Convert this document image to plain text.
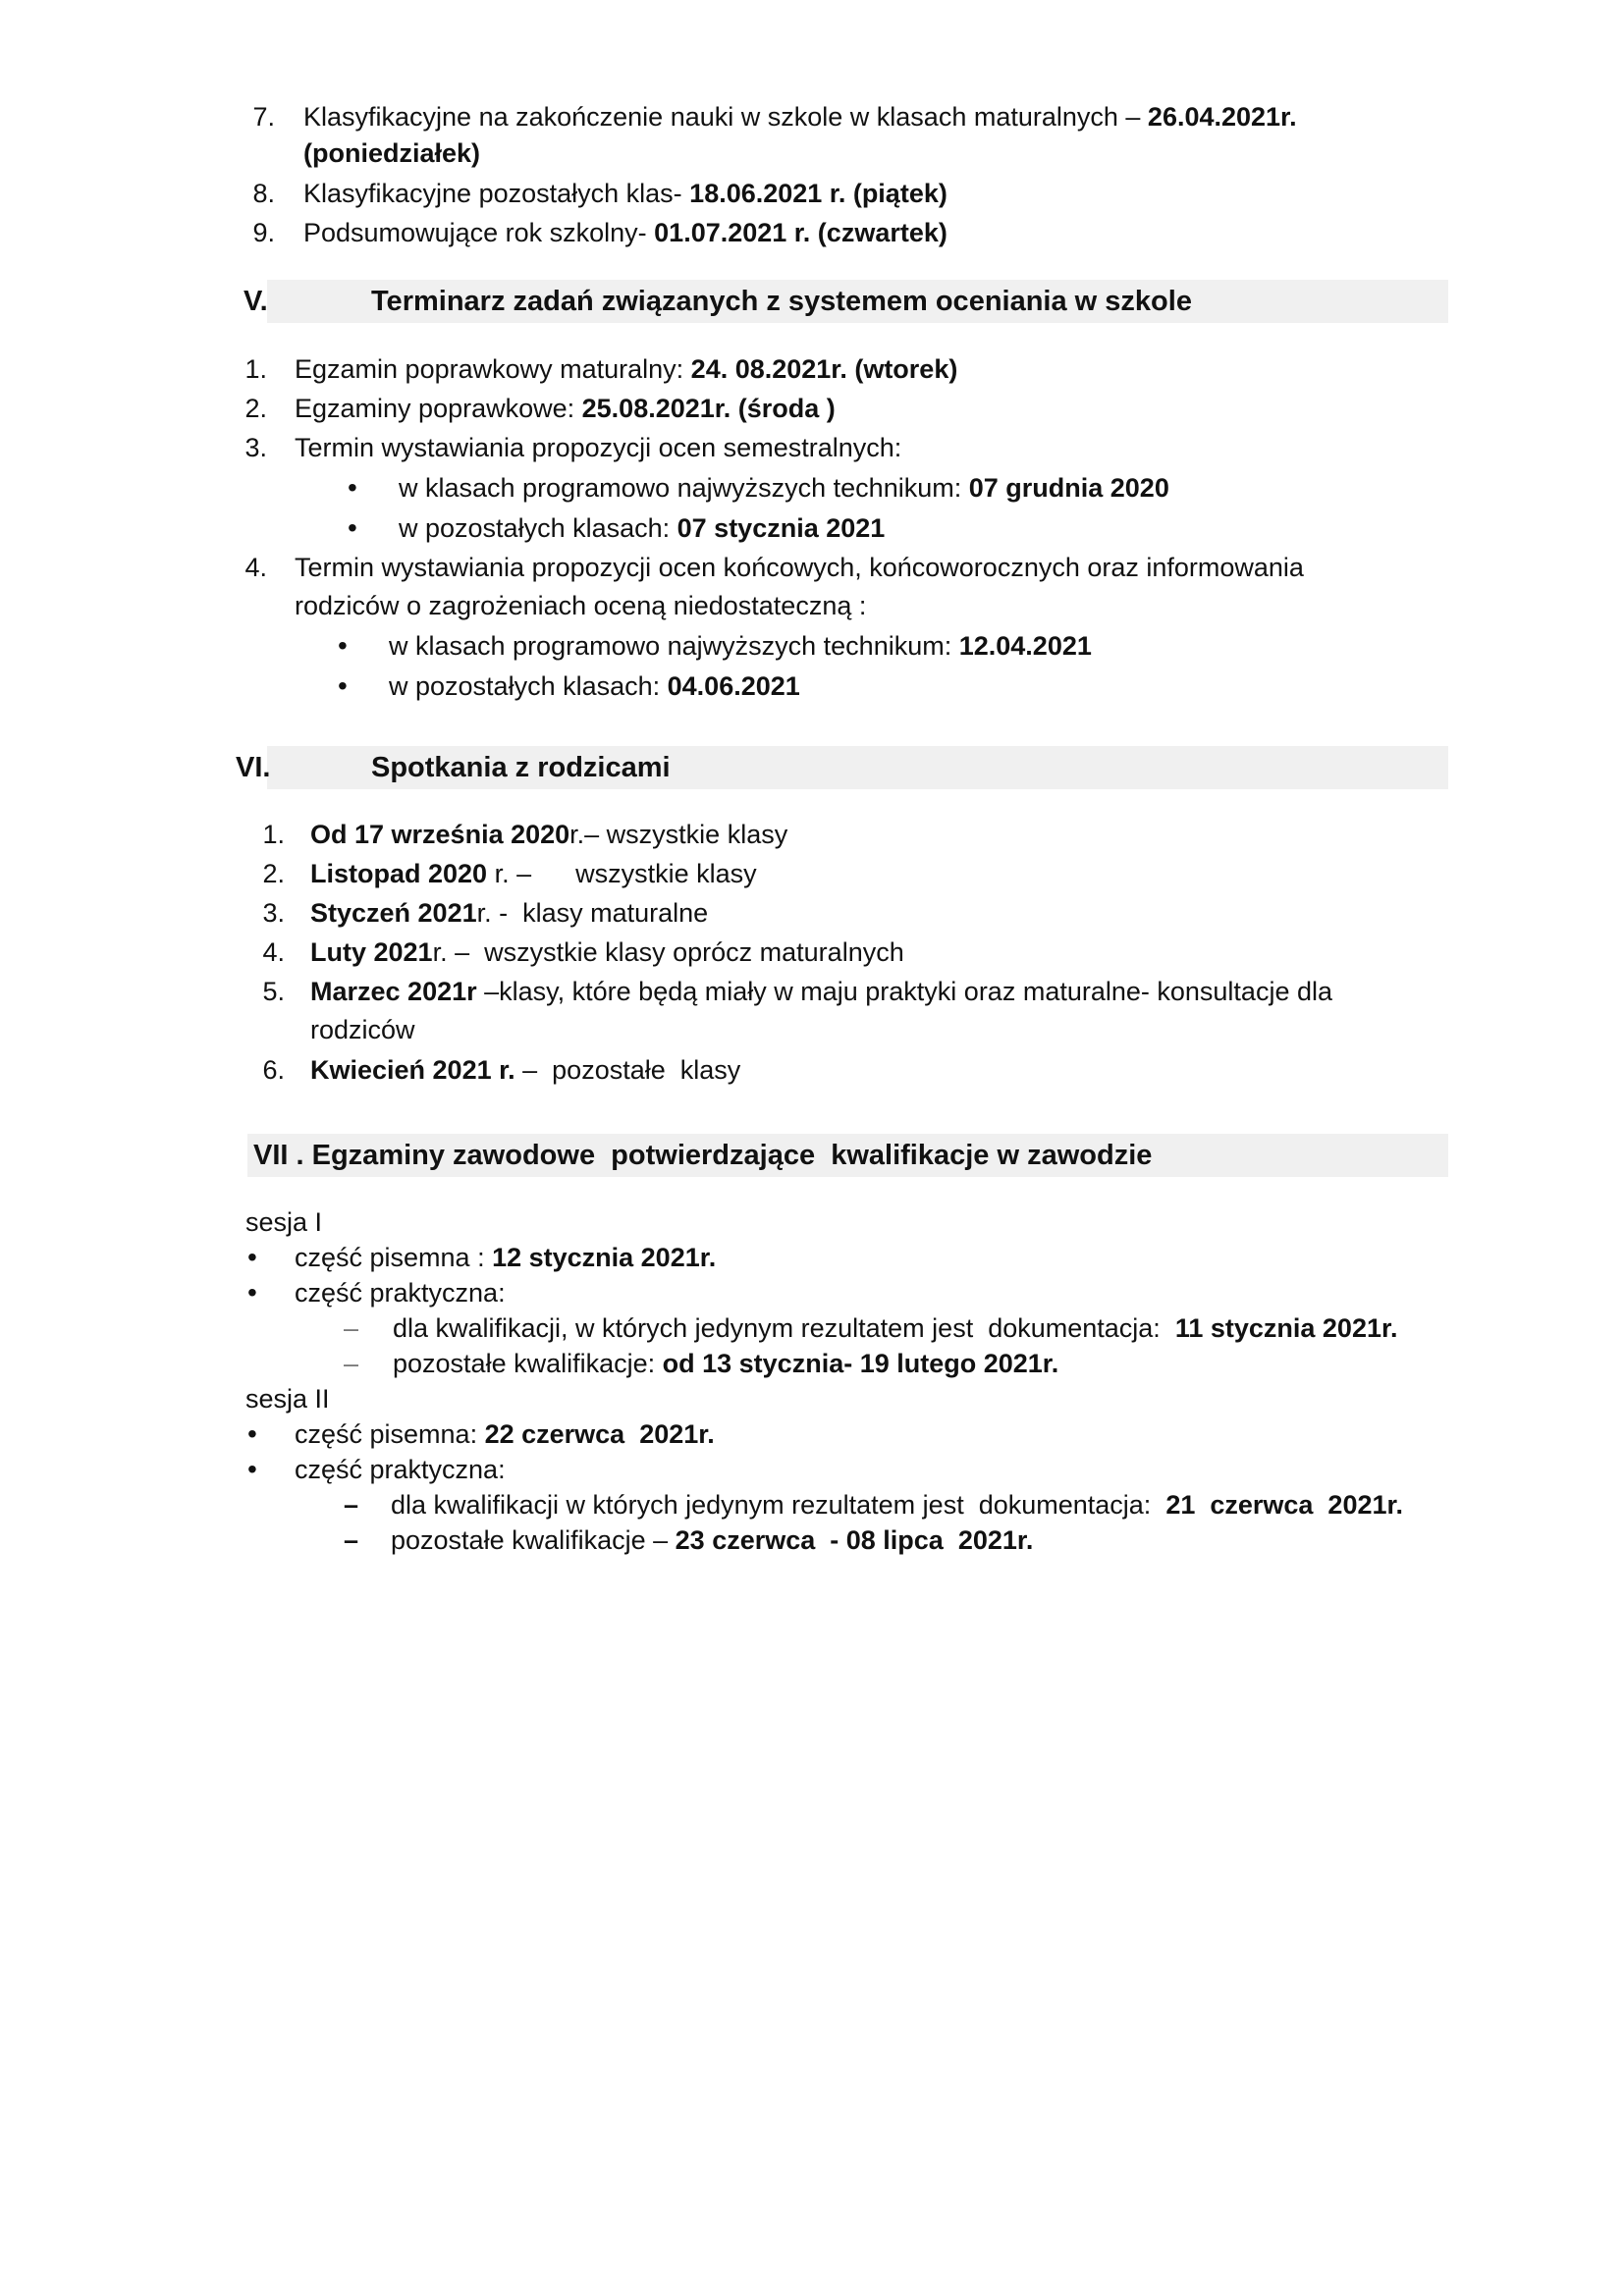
7. Klasyfikacyjne na zakończenie nauki w szkole w klasach maturalnych – 26.04.2021r.
(poniedziałek)
8. Klasyfikacyjne pozostałych klas- 18.06.2021 r. (piątek)
9. Podsumowujące rok szkolny- 01.07.2021 r. (czwartek)
V.	Terminarz zadań związanych z systemem oceniania w szkole
1. Egzamin poprawkowy maturalny: 24. 08.2021r. (wtorek)
2. Egzaminy poprawkowe: 25.08.2021r. (środa )
3. Termin wystawiania propozycji ocen semestralnych:
• w klasach programowo najwyższych technikum: 07 grudnia 2020
• w pozostałych klasach: 07 stycznia 2021
4. Termin wystawiania propozycji ocen końcowych, końcoworocznych oraz informowania
rodziców o zagrożeniach oceną niedostateczną :
• w klasach programowo najwyższych technikum: 12.04.2021
• w pozostałych klasach: 04.06.2021
VI.	Spotkania z rodzicami
1. Od 17 września 2020r.– wszystkie klasy
2. Listopad 2020 r. –      wszystkie klasy
3. Styczeń 2021r. -  klasy maturalne
4. Luty 2021r. –  wszystkie klasy oprócz maturalnych
5. Marzec 2021r –klasy, które będą miały w maju praktyki oraz maturalne- konsultacje dla
rodziców
6. Kwiecień 2021 r. –  pozostałe  klasy
VII . Egzaminy zawodowe  potwierdzające  kwalifikacje w zawodzie
sesja I
• część pisemna : 12 stycznia 2021r.
• część praktyczna:
– dla kwalifikacji, w których jedynym rezultatem jest  dokumentacja:  11 stycznia 2021r.
– pozostałe kwalifikacje: od 13 stycznia- 19 lutego 2021r.
sesja II
• część pisemna: 22 czerwca  2021r.
• część praktyczna:
– dla kwalifikacji w których jedynym rezultatem jest  dokumentacja:  21  czerwca  2021r.
– pozostałe kwalifikacje – 23 czerwca  - 08 lipca  2021r.
